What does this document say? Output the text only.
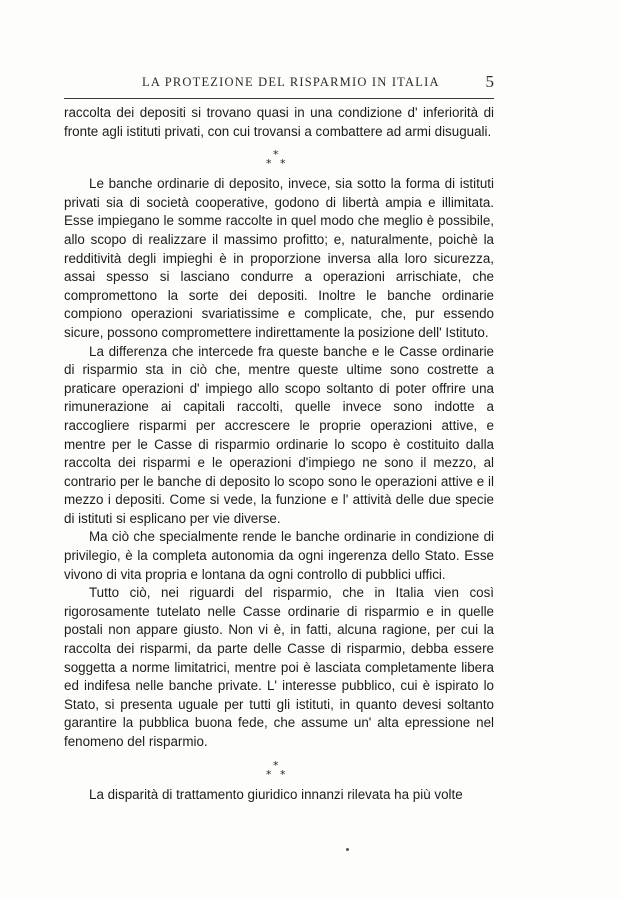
LA PROTEZIONE DEL RISPARMIO IN ITALIA	5

raccolta dei depositi si trovano quasi in una condizione d' inferiorità di fronte agli istituti privati, con cui trovansi a combattere ad armi disuguali.

*
* *

Le banche ordinarie di deposito, invece, sia sotto la forma di istituti privati sia di società cooperative, godono di libertà ampia e illimitata. Esse impiegano le somme raccolte in quel modo che meglio è possibile, allo scopo di realizzare il massimo profitto; e, naturalmente, poichè la redditività degli impieghi è in proporzione inversa alla loro sicurezza, assai spesso si lasciano condurre a operazioni arrischiate, che compromettono la sorte dei depositi. Inoltre le banche ordinarie compiono operazioni svariatissime e complicate, che, pur essendo sicure, possono compromettere indirettamente la posizione dell' Istituto.

La differenza che intercede fra queste banche e le Casse ordinarie di risparmio sta in ciò che, mentre queste ultime sono costrette a praticare operazioni d' impiego allo scopo soltanto di poter offrire una rimunerazione ai capitali raccolti, quelle invece sono indotte a raccogliere risparmi per accrescere le proprie operazioni attive, e mentre per le Casse di risparmio ordinarie lo scopo è costituito dalla raccolta dei risparmi e le operazioni d'impiego ne sono il mezzo, al contrario per le banche di deposito lo scopo sono le operazioni attive e il mezzo i depositi. Come si vede, la funzione e l' attività delle due specie di istituti si esplicano per vie diverse.

Ma ciò che specialmente rende le banche ordinarie in condizione di privilegio, è la completa autonomia da ogni ingerenza dello Stato. Esse vivono di vita propria e lontana da ogni controllo di pubblici uffici.

Tutto ciò, nei riguardi del risparmio, che in Italia vien così rigorosamente tutelato nelle Casse ordinarie di risparmio e in quelle postali non appare giusto. Non vi è, in fatti, alcuna ragione, per cui la raccolta dei risparmi, da parte delle Casse di risparmio, debba essere soggetta a norme limitatrici, mentre poi è lasciata completamente libera ed indifesa nelle banche private. L' interesse pubblico, cui è ispirato lo Stato, si presenta uguale per tutti gli istituti, in quanto devesi soltanto garantire la pubblica buona fede, che assume un' alta epressione nel fenomeno del risparmio.

*
* *

La disparità di trattamento giuridico innanzi rilevata ha più volte
